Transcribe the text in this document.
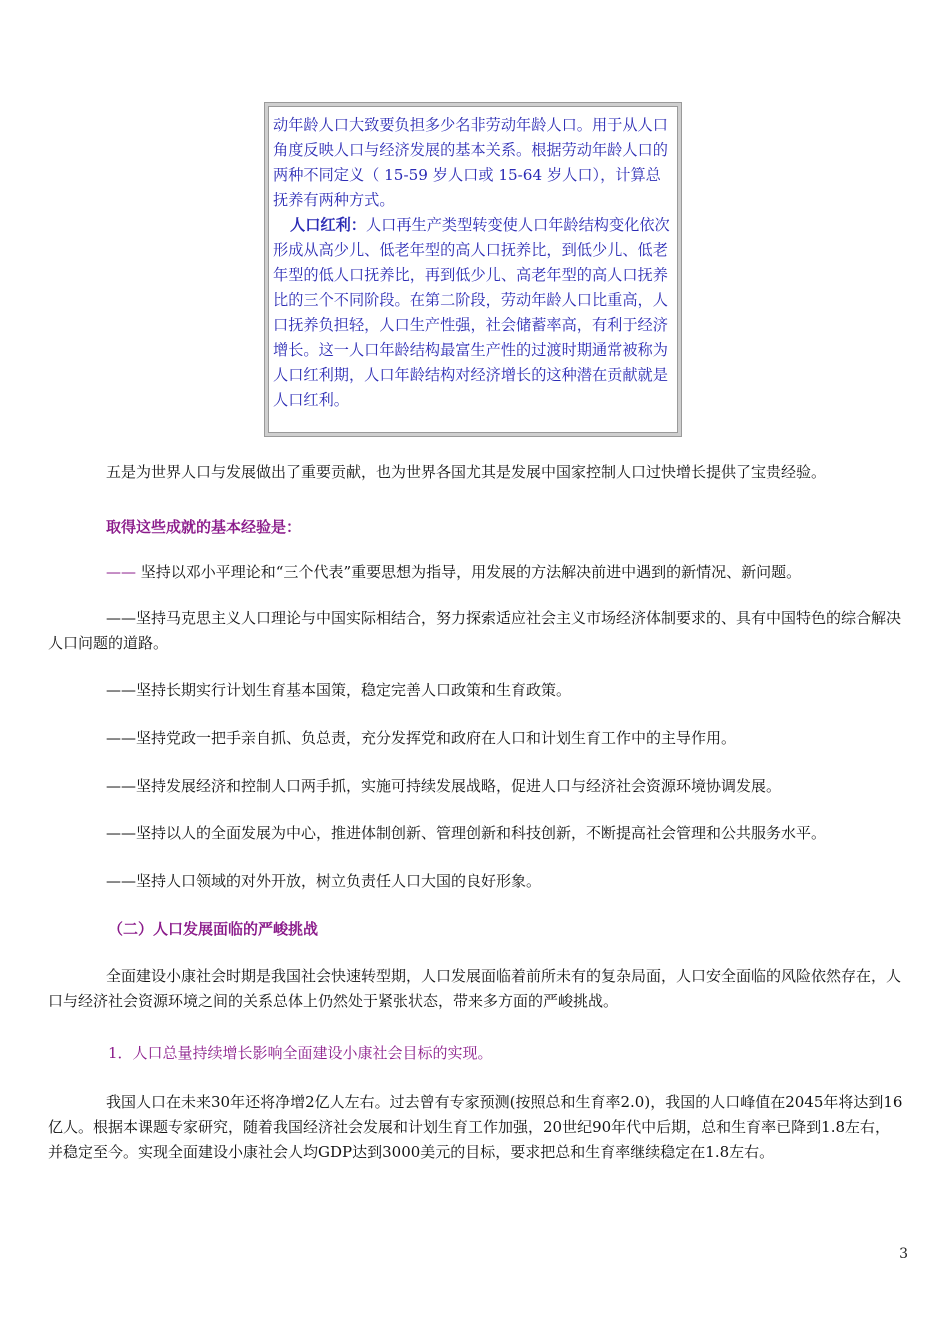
动年龄人口大致要负担多少名非劳动年龄人口。用于从人口角度反映人口与经济发展的基本关系。根据劳动年龄人口的两种不同定义（ 15-59 岁人口或 15-64 岁人口），计算总抚养有两种方式。

人口红利：人口再生产类型转变使人口年龄结构变化依次形成从高少儿、低老年型的高人口抚养比，到低少儿、低老年型的低人口抚养比，再到低少儿、高老年型的高人口抚养比的三个不同阶段。在第二阶段，劳动年龄人口比重高，人口抚养负担轻，人口生产性强，社会储蓄率高，有利于经济增长。这一人口年龄结构最富生产性的过渡时期通常被称为人口红利期，人口年龄结构对经济增长的这种潜在贡献就是人口红利。

五是为世界人口与发展做出了重要贡献，也为世界各国尤其是发展中国家控制人口过快增长提供了宝贵经验。

取得这些成就的基本经验是：

—— 坚持以邓小平理论和“三个代表”重要思想为指导，用发展的方法解决前进中遇到的新情况、新问题。

——坚持马克思主义人口理论与中国实际相结合，努力探索适应社会主义市场经济体制要求的、具有中国特色的综合解决人口问题的道路。

——坚持长期实行计划生育基本国策，稳定完善人口政策和生育政策。

——坚持党政一把手亲自抓、负总责，充分发挥党和政府在人口和计划生育工作中的主导作用。

——坚持发展经济和控制人口两手抓，实施可持续发展战略，促进人口与经济社会资源环境协调发展。

——坚持以人的全面发展为中心，推进体制创新、管理创新和科技创新，不断提高社会管理和公共服务水平。

——坚持人口领域的对外开放，树立负责任人口大国的良好形象。

（二）人口发展面临的严峻挑战

全面建设小康社会时期是我国社会快速转型期，人口发展面临着前所未有的复杂局面，人口安全面临的风险依然存在，人口与经济社会资源环境之间的关系总体上仍然处于紧张状态，带来多方面的严峻挑战。

1．人口总量持续增长影响全面建设小康社会目标的实现。

我国人口在未来30年还将净增2亿人左右。过去曾有专家预测(按照总和生育率2.0)，我国的人口峰值在2045年将达到16亿人。根据本课题专家研究，随着我国经济社会发展和计划生育工作加强，20世纪90年代中后期，总和生育率已降到1.8左右，并稳定至今。实现全面建设小康社会人均GDP达到3000美元的目标，要求把总和生育率继续稳定在1.8左右。

3
